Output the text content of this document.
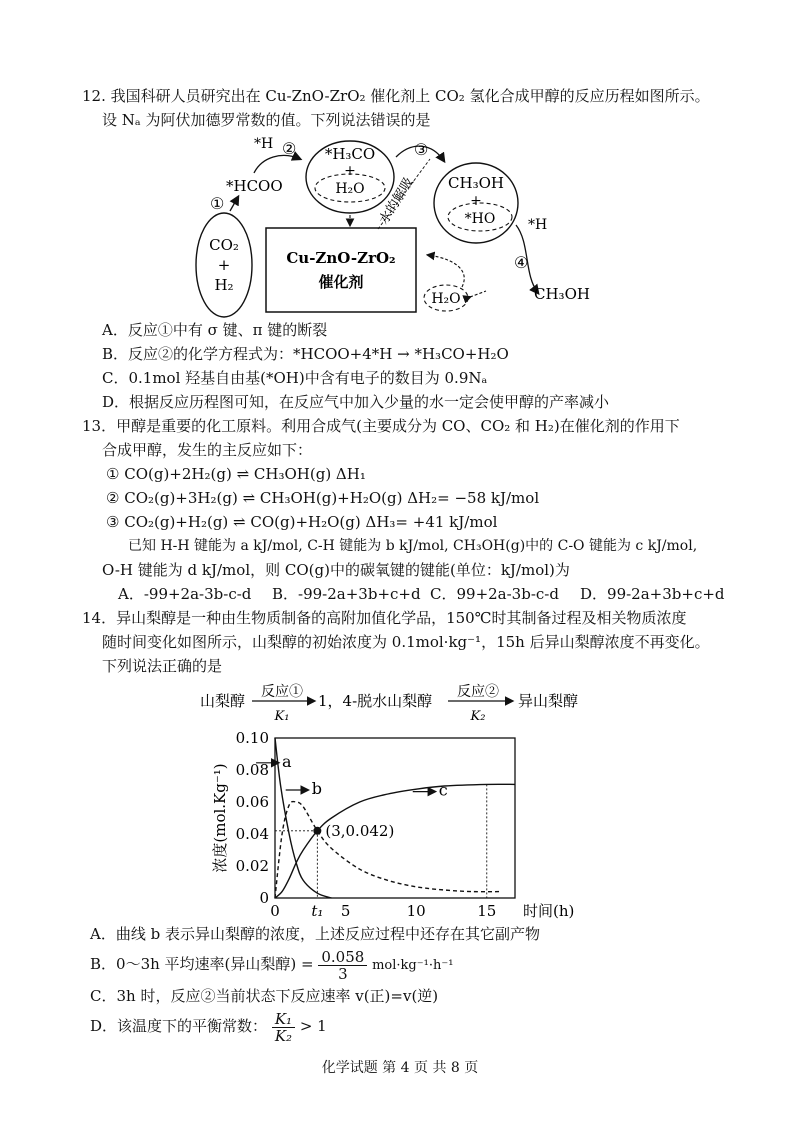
12. 我国科研人员研究出在 Cu-ZnO-ZrO₂ 催化剂上 CO₂ 氢化合成甲醇的反应历程如图所示。
设 Nₐ 为阿伏加德罗常数的值。下列说法错误的是
CO₂
+
H₂
①
*HCOO
*H ② *H₃CO
+
H₂O
③
水的解吸 CH₃OH
+
*HO *H
④
CH₃OH
Cu-ZnO-ZrO₂
催化剂
H₂O
A．反应①中有 σ 键、π 键的断裂
B．反应②的化学方程式为：*HCOO+4*H → *H₃CO+H₂O
C．0.1mol 羟基自由基(*OH)中含有电子的数目为 0.9Nₐ
D．根据反应历程图可知，在反应气中加入少量的水一定会使甲醇的产率减小
13．甲醇是重要的化工原料。利用合成气(主要成分为 CO、CO₂ 和 H₂)在催化剂的作用下
合成甲醇，发生的主反应如下：
① CO(g)+2H₂(g) ⇌ CH₃OH(g) ΔH₁
② CO₂(g)+3H₂(g) ⇌ CH₃OH(g)+H₂O(g) ΔH₂= −58 kJ/mol
③ CO₂(g)+H₂(g) ⇌ CO(g)+H₂O(g) ΔH₃= +41 kJ/mol
已知 H-H 键能为 a kJ/mol, C-H 键能为 b kJ/mol, CH₃OH(g)中的 C-O 键能为 c kJ/mol,
O-H 键能为 d kJ/mol，则 CO(g)中的碳氧键的键能(单位：kJ/mol)为
A．-99+2a-3b-c-d B．-99-2a+3b+c+d C．99+2a-3b-c-d D．99-2a+3b+c+d
14．异山梨醇是一种由生物质制备的高附加值化学品，150℃时其制备过程及相关物质浓度
随时间变化如图所示，山梨醇的初始浓度为 0.1mol·kg⁻¹，15h 后异山梨醇浓度不再变化。
下列说法正确的是
山梨醇 反应①
K₁
1，4-脱水山梨醇 反应②
K₂
异山梨醇
0.10
0.08
0.06
0.04
0.02
0
0 t₁ 5	10	15 时间(h)
浓度(mol.Kg⁻¹)	(3,0.042)
a
b	c
A．曲线 b 表示异山梨醇的浓度，上述反应过程中还存在其它副产物
B．0～3h 平均速率(异山梨醇) = $\frac{0.058}{3} mol\cdot kg^{-1}\cdot h^{-1}$
C．3h 时，反应②当前状态下反应速率 v(正)=v(逆)
D．该温度下的平衡常数： $\frac{\text{K₁}}{\text{K₂}} > 1$
化学试题 第 4 页 共 8 页
